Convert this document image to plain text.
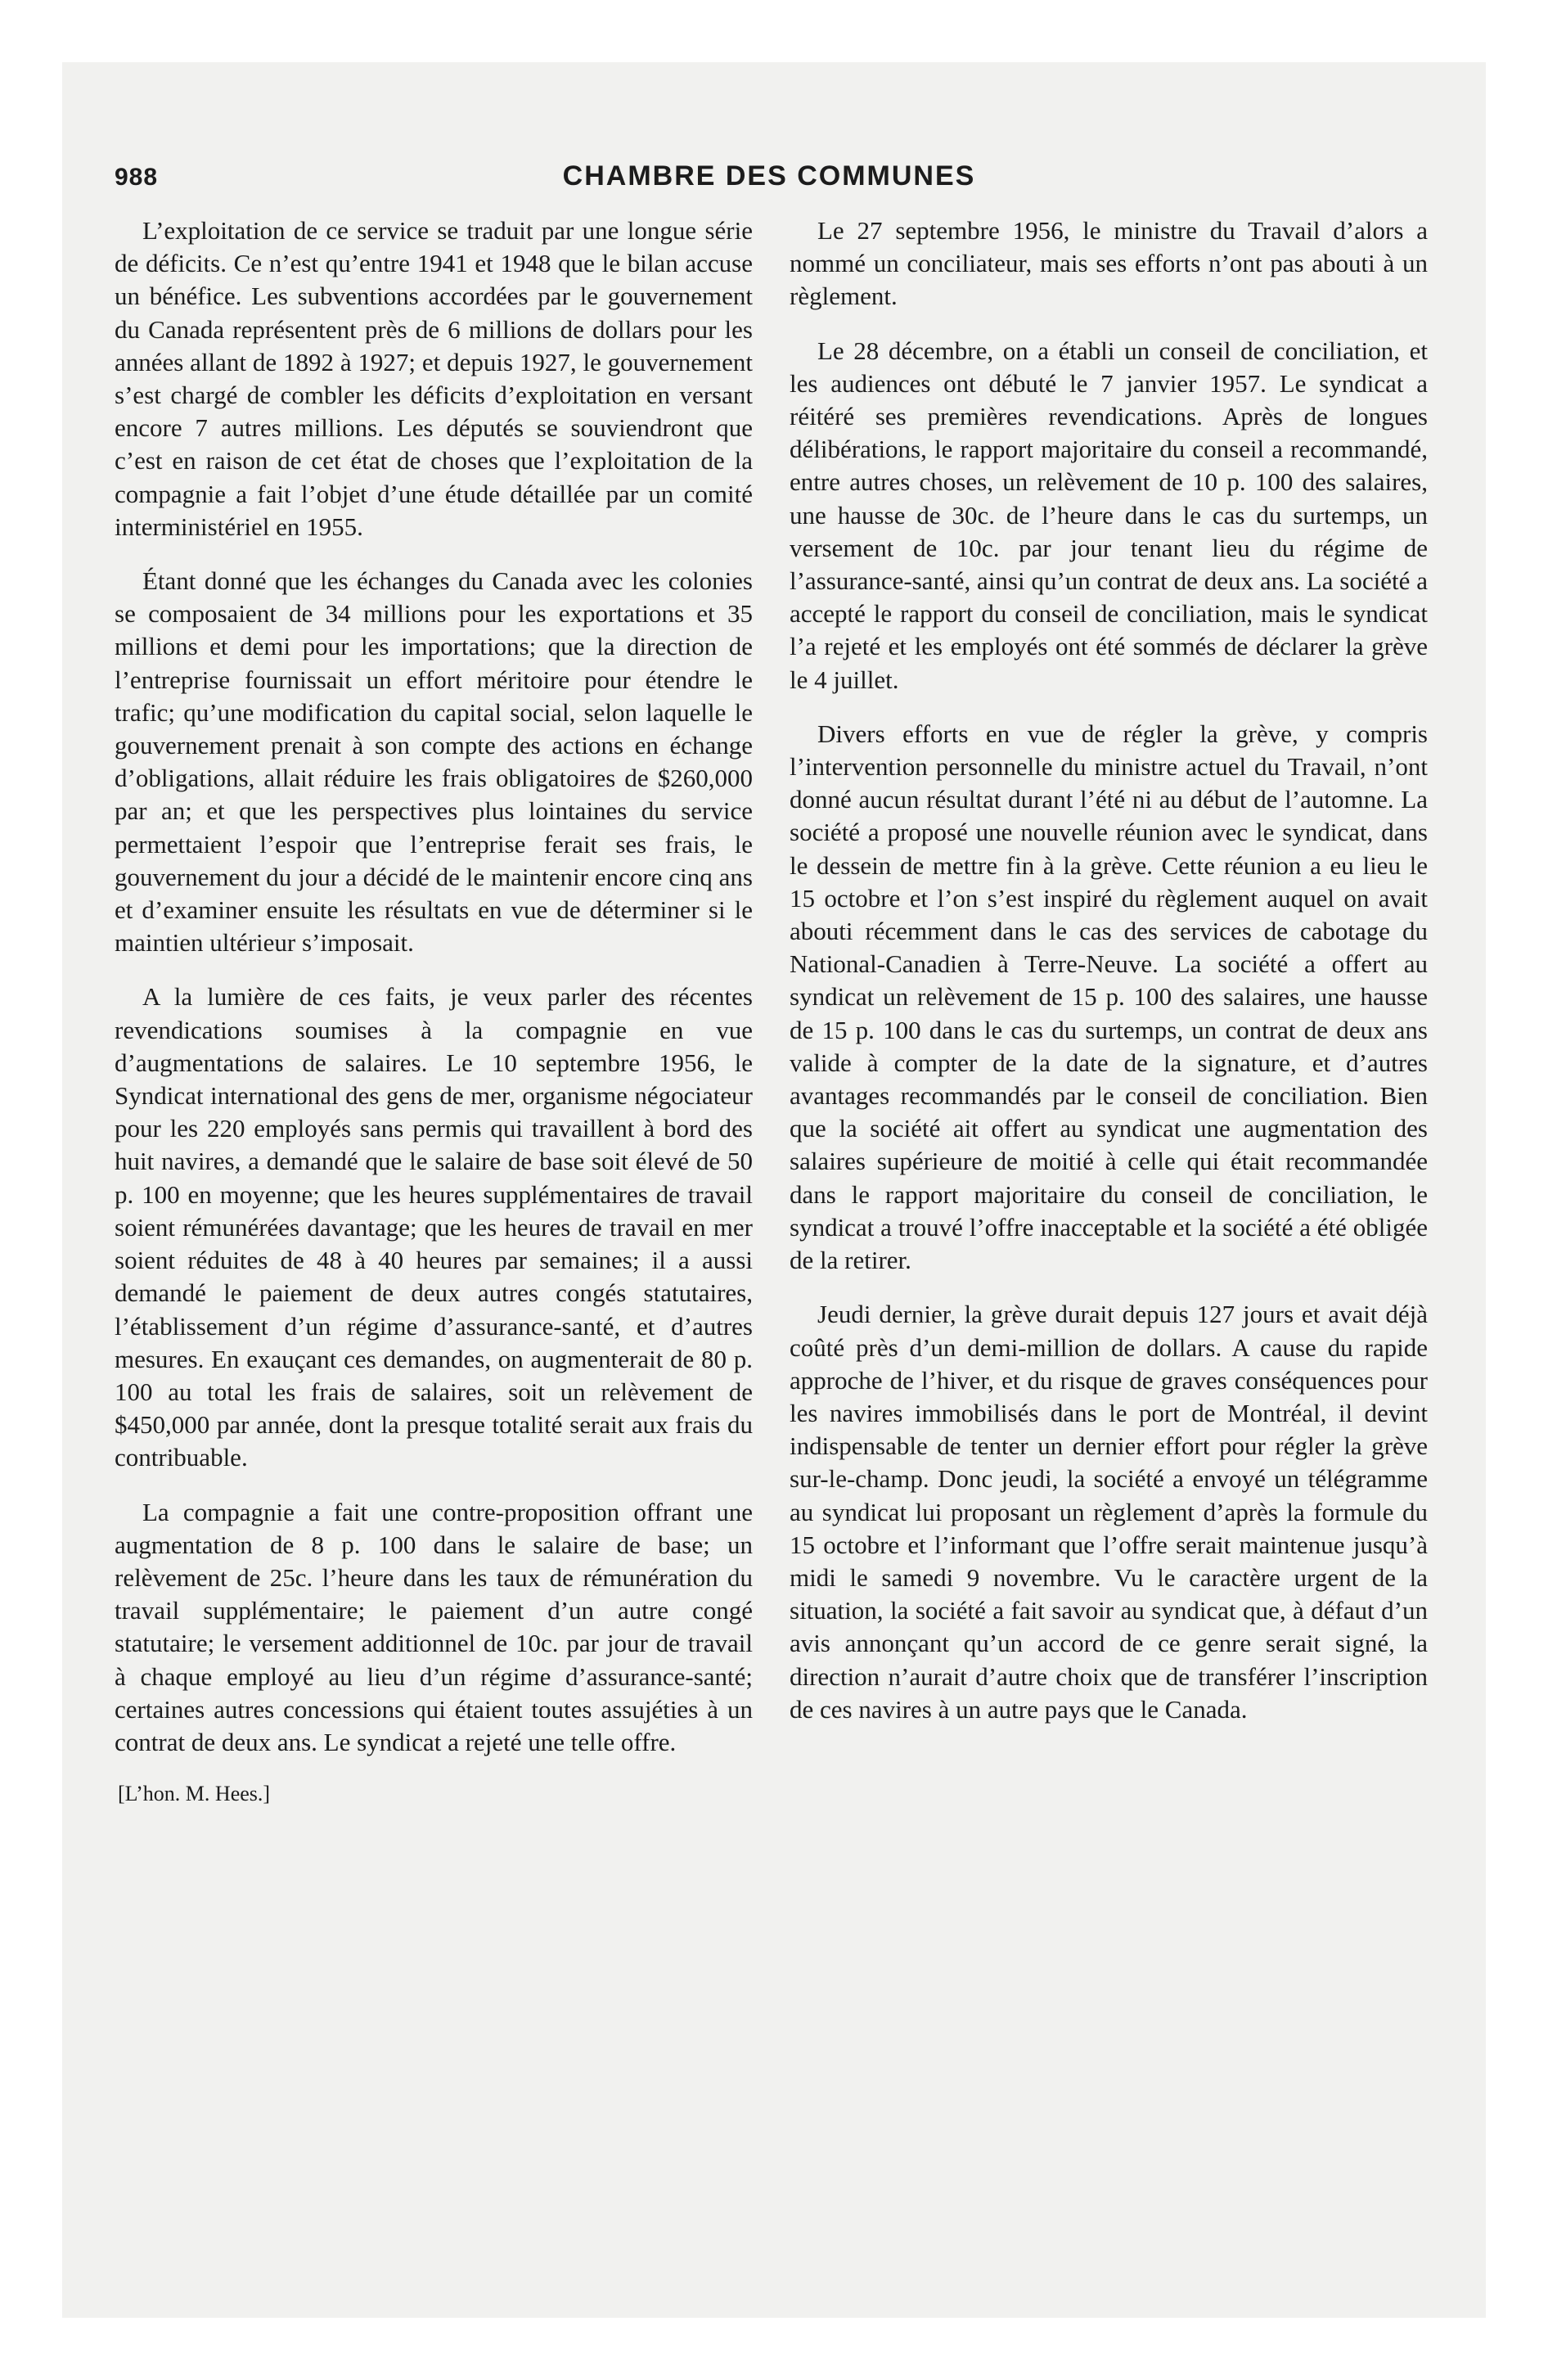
988	CHAMBRE DES COMMUNES

L’exploitation de ce service se traduit par une longue série de déficits. Ce n’est qu’entre 1941 et 1948 que le bilan accuse un bénéfice. Les subventions accordées par le gouvernement du Canada représentent près de 6 millions de dollars pour les années allant de 1892 à 1927; et depuis 1927, le gouvernement s’est chargé de combler les déficits d’exploitation en versant encore 7 autres millions. Les députés se souviendront que c’est en raison de cet état de choses que l’exploitation de la compagnie a fait l’objet d’une étude détaillée par un comité interministériel en 1955.

Étant donné que les échanges du Canada avec les colonies se composaient de 34 millions pour les exportations et 35 millions et demi pour les importations; que la direction de l’entreprise fournissait un effort méritoire pour étendre le trafic; qu’une modification du capital social, selon laquelle le gouvernement prenait à son compte des actions en échange d’obligations, allait réduire les frais obligatoires de $260,000 par an; et que les perspectives plus lointaines du service permettaient l’espoir que l’entreprise ferait ses frais, le gouvernement du jour a décidé de le maintenir encore cinq ans et d’examiner ensuite les résultats en vue de déterminer si le maintien ultérieur s’imposait.

A la lumière de ces faits, je veux parler des récentes revendications soumises à la compagnie en vue d’augmentations de salaires. Le 10 septembre 1956, le Syndicat international des gens de mer, organisme négociateur pour les 220 employés sans permis qui travaillent à bord des huit navires, a demandé que le salaire de base soit élevé de 50 p. 100 en moyenne; que les heures supplémentaires de travail soient rémunérées davantage; que les heures de travail en mer soient réduites de 48 à 40 heures par semaines; il a aussi demandé le paiement de deux autres congés statutaires, l’établissement d’un régime d’assurance-santé, et d’autres mesures. En exauçant ces demandes, on augmenterait de 80 p. 100 au total les frais de salaires, soit un relèvement de $450,000 par année, dont la presque totalité serait aux frais du contribuable.

La compagnie a fait une contre-proposition offrant une augmentation de 8 p. 100 dans le salaire de base; un relèvement de 25c. l’heure dans les taux de rémunération du travail supplémentaire; le paiement d’un autre congé statutaire; le versement additionnel de 10c. par jour de travail à chaque employé au lieu d’un régime d’assurance-santé; certaines autres concessions qui étaient toutes assujéties à un contrat de deux ans. Le syndicat a rejeté une telle offre.

[L’hon. M. Hees.]

Le 27 septembre 1956, le ministre du Travail d’alors a nommé un conciliateur, mais ses efforts n’ont pas abouti à un règlement.

Le 28 décembre, on a établi un conseil de conciliation, et les audiences ont débuté le 7 janvier 1957. Le syndicat a réitéré ses premières revendications. Après de longues délibérations, le rapport majoritaire du conseil a recommandé, entre autres choses, un relèvement de 10 p. 100 des salaires, une hausse de 30c. de l’heure dans le cas du surtemps, un versement de 10c. par jour tenant lieu du régime de l’assurance-santé, ainsi qu’un contrat de deux ans. La société a accepté le rapport du conseil de conciliation, mais le syndicat l’a rejeté et les employés ont été sommés de déclarer la grève le 4 juillet.

Divers efforts en vue de régler la grève, y compris l’intervention personnelle du ministre actuel du Travail, n’ont donné aucun résultat durant l’été ni au début de l’automne. La société a proposé une nouvelle réunion avec le syndicat, dans le dessein de mettre fin à la grève. Cette réunion a eu lieu le 15 octobre et l’on s’est inspiré du règlement auquel on avait abouti récemment dans le cas des services de cabotage du National-Canadien à Terre-Neuve. La société a offert au syndicat un relèvement de 15 p. 100 des salaires, une hausse de 15 p. 100 dans le cas du surtemps, un contrat de deux ans valide à compter de la date de la signature, et d’autres avantages recommandés par le conseil de conciliation. Bien que la société ait offert au syndicat une augmentation des salaires supérieure de moitié à celle qui était recommandée dans le rapport majoritaire du conseil de conciliation, le syndicat a trouvé l’offre inacceptable et la société a été obligée de la retirer.

Jeudi dernier, la grève durait depuis 127 jours et avait déjà coûté près d’un demi-million de dollars. A cause du rapide approche de l’hiver, et du risque de graves conséquences pour les navires immobilisés dans le port de Montréal, il devint indispensable de tenter un dernier effort pour régler la grève sur-le-champ. Donc jeudi, la société a envoyé un télégramme au syndicat lui proposant un règlement d’après la formule du 15 octobre et l’informant que l’offre serait maintenue jusqu’à midi le samedi 9 novembre. Vu le caractère urgent de la situation, la société a fait savoir au syndicat que, à défaut d’un avis annonçant qu’un accord de ce genre serait signé, la direction n’aurait d’autre choix que de transférer l’inscription de ces navires à un autre pays que le Canada.
